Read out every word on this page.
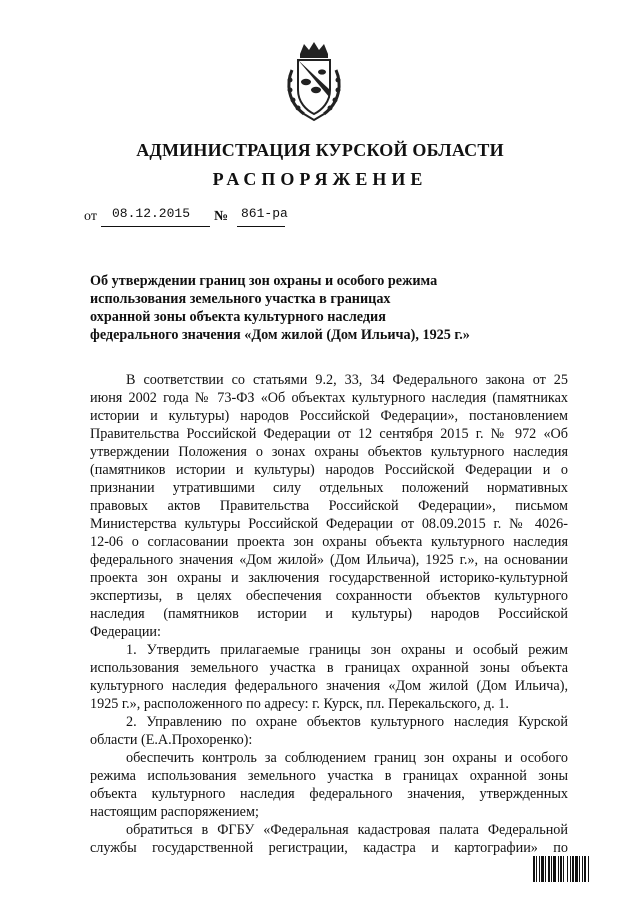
АДМИНИСТРАЦИЯ КУРСКОЙ ОБЛАСТИ
РАСПОРЯЖЕНИЕ
от 08.12.2015 № 861-ра
Об утверждении границ зон охраны и особого режима
использования земельного участка в границах
охранной зоны объекта культурного наследия
федерального значения «Дом жилой (Дом Ильича), 1925 г.»
В соответствии со статьями 9.2, 33, 34 Федерального закона от 25
июня 2002 года № 73-ФЗ «Об объектах культурного наследия (памятниках
истории и культуры) народов Российской Федерации», постановлением
Правительства Российской Федерации от 12 сентября 2015 г. № 972 «Об
утверждении Положения о зонах охраны объектов культурного наследия
(памятников истории и культуры) народов Российской Федерации и о
признании утратившими силу отдельных положений нормативных
правовых актов Правительства Российской Федерации», письмом
Министерства культуры Российской Федерации от 08.09.2015 г. № 4026-
12-06 о согласовании проекта зон охраны объекта культурного наследия
федерального значения «Дом жилой» (Дом Ильича), 1925 г.», на основании
проекта зон охраны и заключения государственной историко-культурной
экспертизы, в целях обеспечения сохранности объектов культурного
наследия (памятников истории и культуры) народов Российской
Федерации:
1. Утвердить прилагаемые границы зон охраны и особый режим
использования земельного участка в границах охранной зоны объекта
культурного наследия федерального значения «Дом жилой (Дом Ильича),
1925 г.», расположенного по адресу: г. Курск, пл. Перекальского, д. 1.
2. Управлению по охране объектов культурного наследия Курской
области (Е.А.Прохоренко):
обеспечить контроль за соблюдением границ зон охраны и особого
режима использования земельного участка в границах охранной зоны
объекта культурного наследия федерального значения, утвержденных
настоящим распоряжением;
обратиться в ФГБУ «Федеральная кадастровая палата Федеральной
службы государственной регистрации, кадастра и картографии» по
